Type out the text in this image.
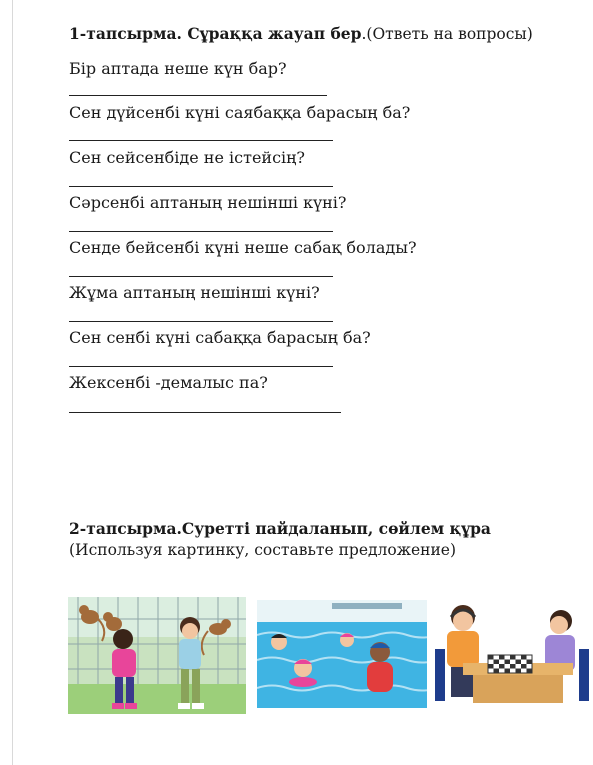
1-тапсырма. Сұраққа жауап бер.(Ответь на вопросы)
Бір аптада неше күн бар?
Сен дүйсенбі күні саябаққа барасың ба?
Сен сейсенбіде не істейсің?
Сәрсенбі аптаның нешінші күні?
Сенде бейсенбі күні неше сабақ болады?
Жұма аптаның нешінші күні?
Сен сенбі күні сабаққа барасың ба?
Жексенбі -демалыс па?
2-тапсырма.Суретті пайдаланып, сөйлем құра
(Используя картинку, составьте предложение)
